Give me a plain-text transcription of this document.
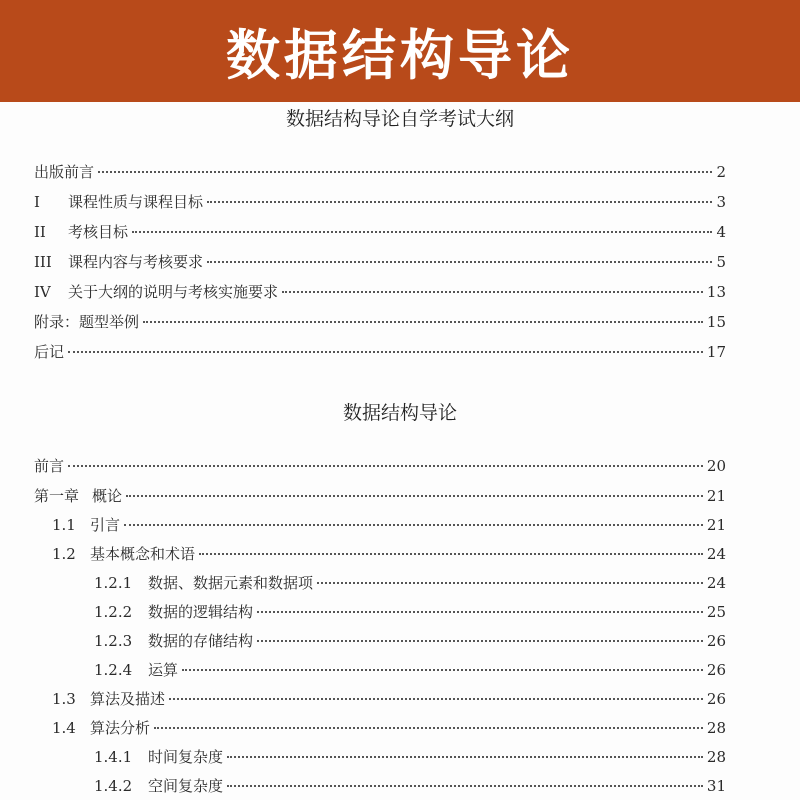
数据结构导论
数据结构导论自学考试大纲
出版前言	2
I	课程性质与课程目标	3
II	考核目标	4
III	课程内容与考核要求	5
IV	关于大纲的说明与考核实施要求	13
附录：题型举例	15
后记	17
数据结构导论
前言	20
第一章 概论	21
1.1 引言	21
1.2 基本概念和术语	24
1.2.1	数据、数据元素和数据项	24
1.2.2	数据的逻辑结构	25
1.2.3	数据的存储结构	26
1.2.4	运算	26
1.3 算法及描述	26
1.4 算法分析	28
1.4.1	时间复杂度	28
1.4.2	空间复杂度	31
